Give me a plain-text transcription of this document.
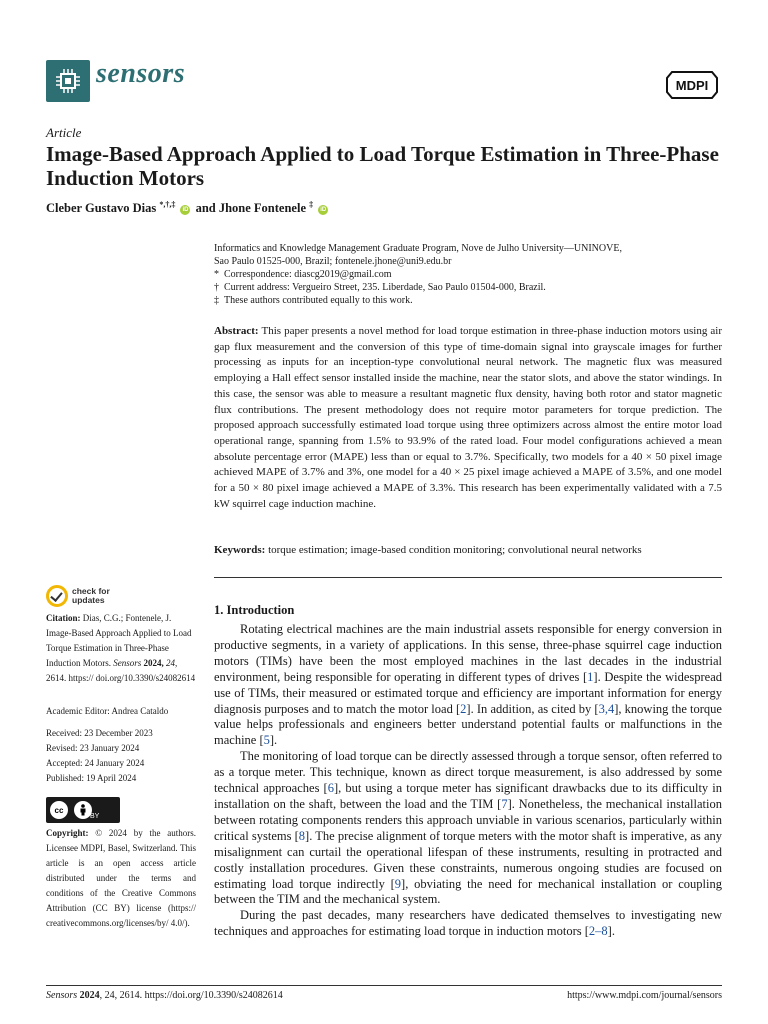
sensors	MDPI
Article
Image-Based Approach Applied to Load Torque Estimation in Three-Phase Induction Motors
Cleber Gustavo Dias *,†,‡ iD and Jhone Fontenele ‡ iD
Informatics and Knowledge Management Graduate Program, Nove de Julho University—UNINOVE,
Sao Paulo 01525-000, Brazil; fontenele.jhone@uni9.edu.br
* Correspondence: diascg2019@gmail.com
† Current address: Vergueiro Street, 235. Liberdade, Sao Paulo 01504-000, Brazil.
‡ These authors contributed equally to this work.
Abstract: This paper presents a novel method for load torque estimation in three-phase induction motors using air gap flux measurement and the conversion of this type of time-domain signal into grayscale images for further processing as inputs for an inception-type convolutional neural network. The magnetic flux was measured employing a Hall effect sensor installed inside the machine, near the stator slots, and above the stator windings. In this case, the sensor was able to measure a resultant magnetic flux density, having both rotor and stator magnetic flux contributions. The present methodology does not require motor parameters for torque prediction. The proposed approach successfully estimated load torque using three optimizers across almost the entire motor load operational range, spanning from 1.5% to 93.9% of the rated load. Four model configurations achieved a mean absolute percentage error (MAPE) less than or equal to 3.7%. Specifically, two models for a 40 × 50 pixel image achieved MAPE of 3.7% and 3%, one model for a 40 × 25 pixel image achieved a MAPE of 3.5%, and one model for a 50 × 80 pixel image achieved a MAPE of 3.3%. This research has been experimentally validated with a 7.5 kW squirrel cage induction machine.
Keywords: torque estimation; image-based condition monitoring; convolutional neural networks
check for
updates
Citation: Dias, C.G.; Fontenele, J. Image-Based Approach Applied to Load Torque Estimation in Three-Phase Induction Motors. Sensors 2024, 24, 2614. https:// doi.org/10.3390/s24082614
Academic Editor: Andrea Cataldo
Received: 23 December 2023
Revised: 23 January 2024
Accepted: 24 January 2024
Published: 19 April 2024
cc
BY
Copyright: © 2024 by the authors. Licensee MDPI, Basel, Switzerland. This article is an open access article distributed under the terms and conditions of the Creative Commons Attribution (CC BY) license (https:// creativecommons.org/licenses/by/ 4.0/).
1. Introduction

Rotating electrical machines are the main industrial assets responsible for energy conversion in productive segments, in a variety of applications. In this sense, three-phase squirrel cage induction motors (TIMs) have been the most employed machines in the last decades in the industrial environment, being responsible for operating in different types of drives [1]. Despite the widespread use of TIMs, their measured or estimated torque and efficiency are important information for energy diagnosis purposes and to match the motor load [2]. In addition, as cited by [3,4], knowing the torque value helps professionals and engineers better understand potential faults or malfunctions in the machine [5].

The monitoring of load torque can be directly assessed through a torque sensor, often referred to as a torque meter. This technique, known as direct torque measurement, is also addressed by some technical approaches [6], but using a torque meter has significant drawbacks due to its difficulty in installation on the shaft, between the load and the TIM [7]. Nonetheless, the mechanical installation between rotating components renders this approach unviable in various scenarios, particularly within critical systems [8]. The precise alignment of torque meters with the motor shaft is imperative, as any misalignment can curtail the operational lifespan of these instruments, resulting in protracted and costly installation procedures. Given these constraints, numerous ongoing studies are focused on estimating load torque indirectly [9], obviating the need for mechanical installation or coupling between the TIM and the mechanical system.

During the past decades, many researchers have dedicated themselves to investigating new techniques and approaches for estimating load torque in induction motors [2–8].

Sensors 2024, 24, 2614. https://doi.org/10.3390/s24082614	https://www.mdpi.com/journal/sensors
